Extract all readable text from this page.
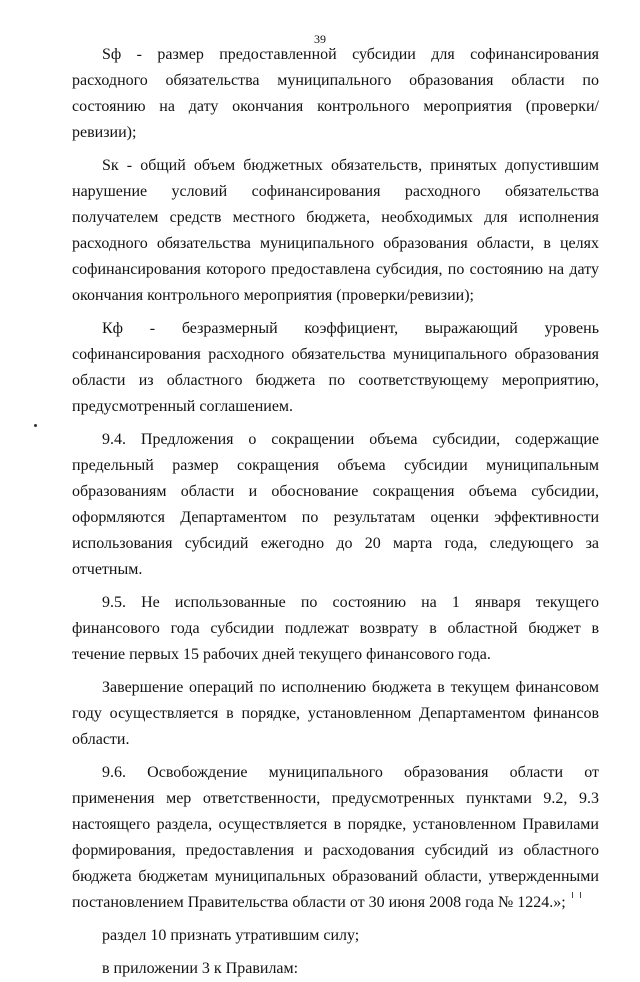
39

Sф - размер предоставленной субсидии для софинансирования расходного обязательства муниципального образования области по состоянию на дату окончания контрольного мероприятия (проверки/ревизии);

Sк - общий объем бюджетных обязательств, принятых допустившим нарушение условий софинансирования расходного обязательства получателем средств местного бюджета, необходимых для исполнения расходного обязательства муниципального образования области, в целях софинансирования которого предоставлена субсидия, по состоянию на дату окончания контрольного мероприятия (проверки/ревизии);

Кф - безразмерный коэффициент, выражающий уровень софинансирования расходного обязательства муниципального образования области из областного бюджета по соответствующему мероприятию, предусмотренный соглашением.

9.4. Предложения о сокращении объема субсидии, содержащие предельный размер сокращения объема субсидии муниципальным образованиям области и обоснование сокращения объема субсидии, оформляются Департаментом по результатам оценки эффективности использования субсидий ежегодно до 20 марта года, следующего за отчетным.

9.5. Не использованные по состоянию на 1 января текущего финансового года субсидии подлежат возврату в областной бюджет в течение первых 15 рабочих дней текущего финансового года.

Завершение операций по исполнению бюджета в текущем финансовом году осуществляется в порядке, установленном Департаментом финансов области.

9.6. Освобождение муниципального образования области от применения мер ответственности, предусмотренных пунктами 9.2, 9.3 настоящего раздела, осуществляется в порядке, установленном Правилами формирования, предоставления и расходования субсидий из областного бюджета бюджетам муниципальных образований области, утвержденными постановлением Правительства области от 30 июня 2008 года № 1224.»;

раздел 10 признать утратившим силу;

в приложении 3 к Правилам:
